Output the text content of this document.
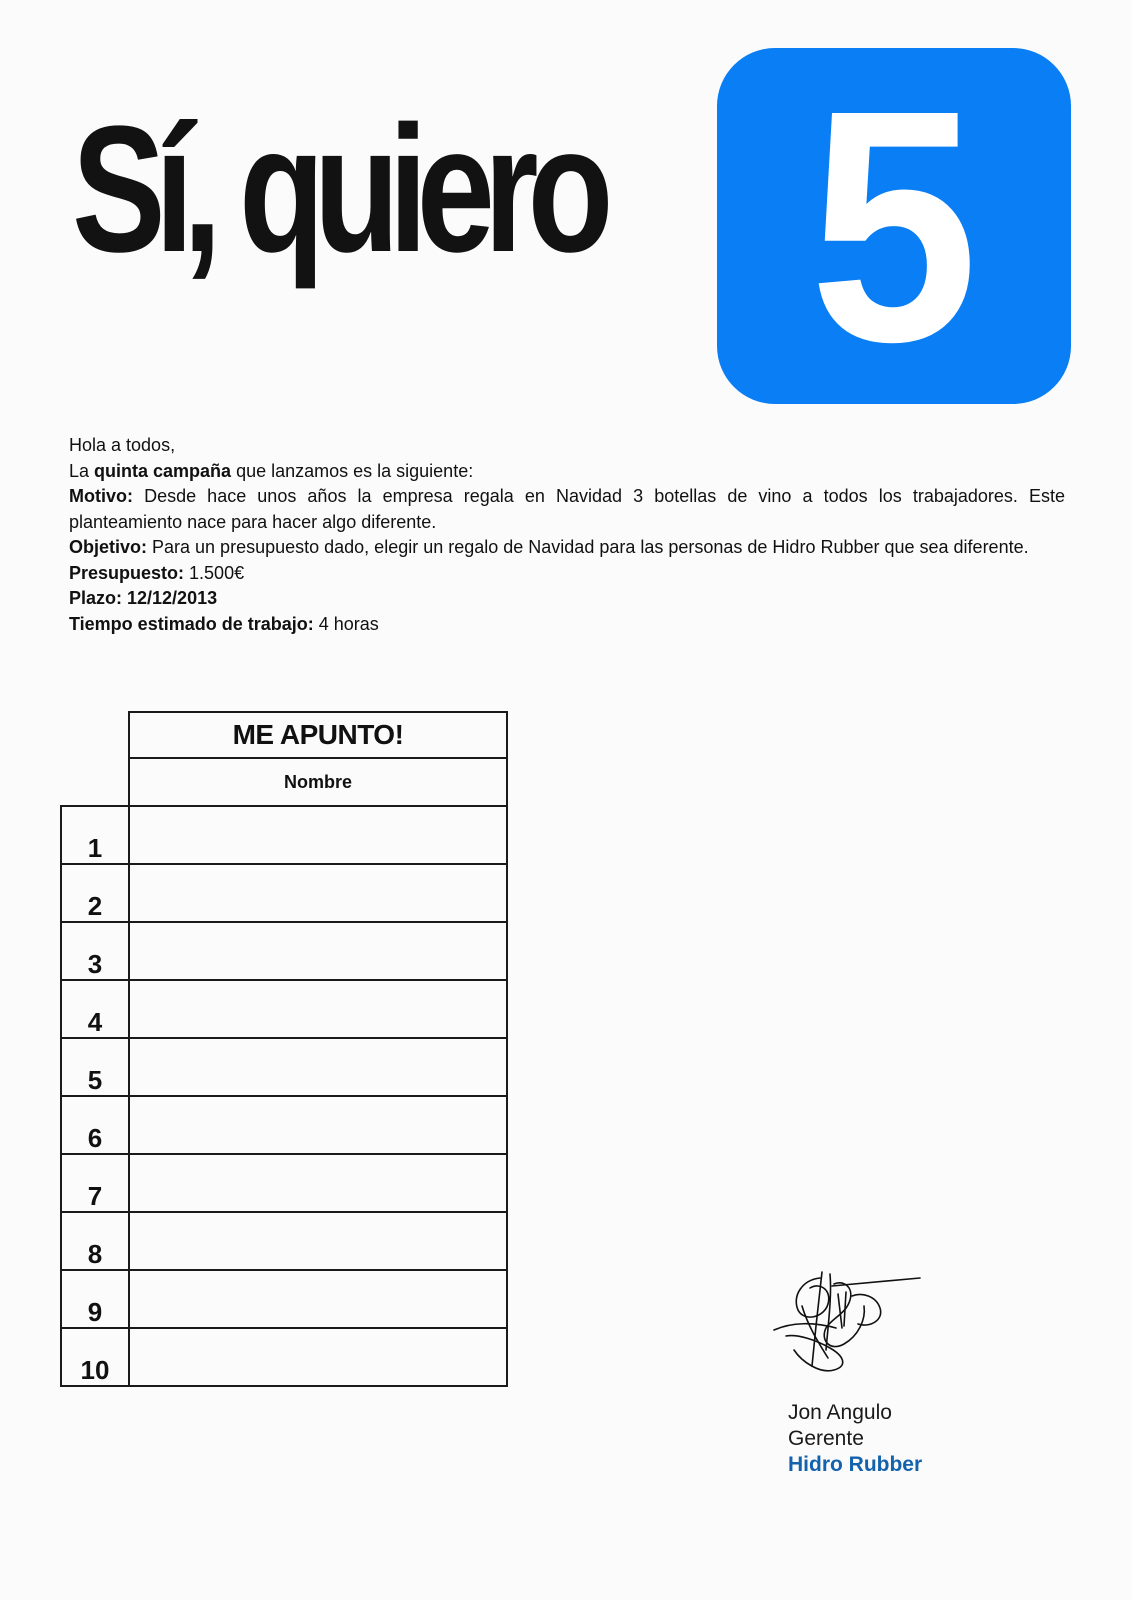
Sí, quiero 5

Hola a todos,

La quinta campaña que lanzamos es la siguiente:

Motivo: Desde hace unos años la empresa regala en Navidad 3 botellas de vino a todos los trabajadores. Este planteamiento nace para hacer algo diferente.

Objetivo: Para un presupuesto dado, elegir un regalo de Navidad para las personas de Hidro Rubber que sea diferente.

Presupuesto: 1.500€

Plazo: 12/12/2013

Tiempo estimado de trabajo: 4 horas

	ME APUNTO!
	Nombre
1	
2	
3	
4	
5	
6	
7	
8	
9	
10	
Jon Angulo
Gerente
Hidro Rubber
